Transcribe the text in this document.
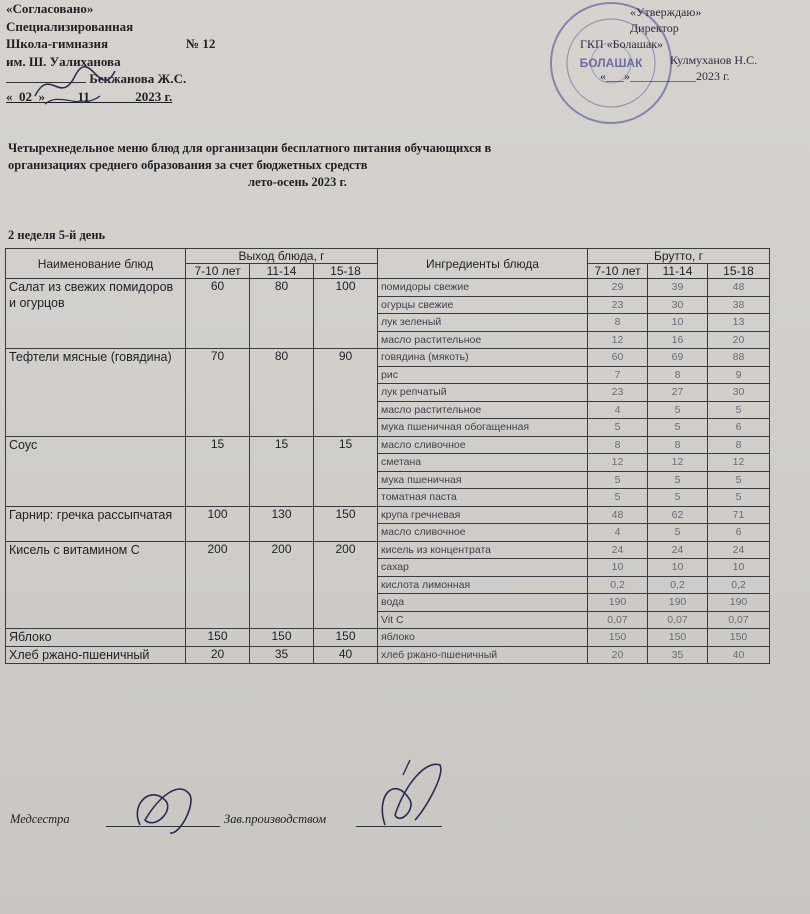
«Согласовано»
Специализированная
Школа-гимназия	№ 12
им. Ш. Уалиханова
Бекжанова Ж.С.
«_02_»_____11_______2023 г.
БОЛАШАК
«Утверждаю»
Директор
ГКП «Болашак»
Кулмуханов Н.С.
«___»___________2023 г.
Четырехнедельное меню блюд для организации бесплатного питания обучающихся в
организациях среднего образования за счет бюджетных средств
лето-осень 2023 г.
2 неделя 5-й день
Наименование блюд	Выход блюда, г			Ингредиенты блюда	Брутто, г		
	7-10 лет	11-14	15-18		7-10 лет	11-14	15-18
Салат из свежих помидоров и огурцов	60	80	100	помидоры свежие	29	39	48
				огурцы свежие	23	30	38
				лук зеленый	8	10	13
				масло растительное	12	16	20
Тефтели мясные (говядина)	70	80	90	говядина (мякоть)	60	69	88
				рис	7	8	9
				лук репчатый	23	27	30
				масло растительное	4	5	5
				мука пшеничная обогащенная	5	5	6
Соус	15	15	15	масло сливочное	8	8	8
				сметана	12	12	12
				мука пшеничная	5	5	5
				томатная паста	5	5	5
Гарнир: гречка рассыпчатая	100	130	150	крупа гречневая	48	62	71
				масло сливочное	4	5	6
Кисель с витамином С	200	200	200	кисель из концентрата	24	24	24
				сахар	10	10	10
				кислота лимонная	0,2	0,2	0,2
				вода	190	190	190
				Vit C	0,07	0,07	0,07
Яблоко	150	150	150	яблоко	150	150	150
Хлеб ржано-пшеничный	20	35	40	хлеб ржано-пшеничный	20	35	40
Медсестра	Зав.производством
